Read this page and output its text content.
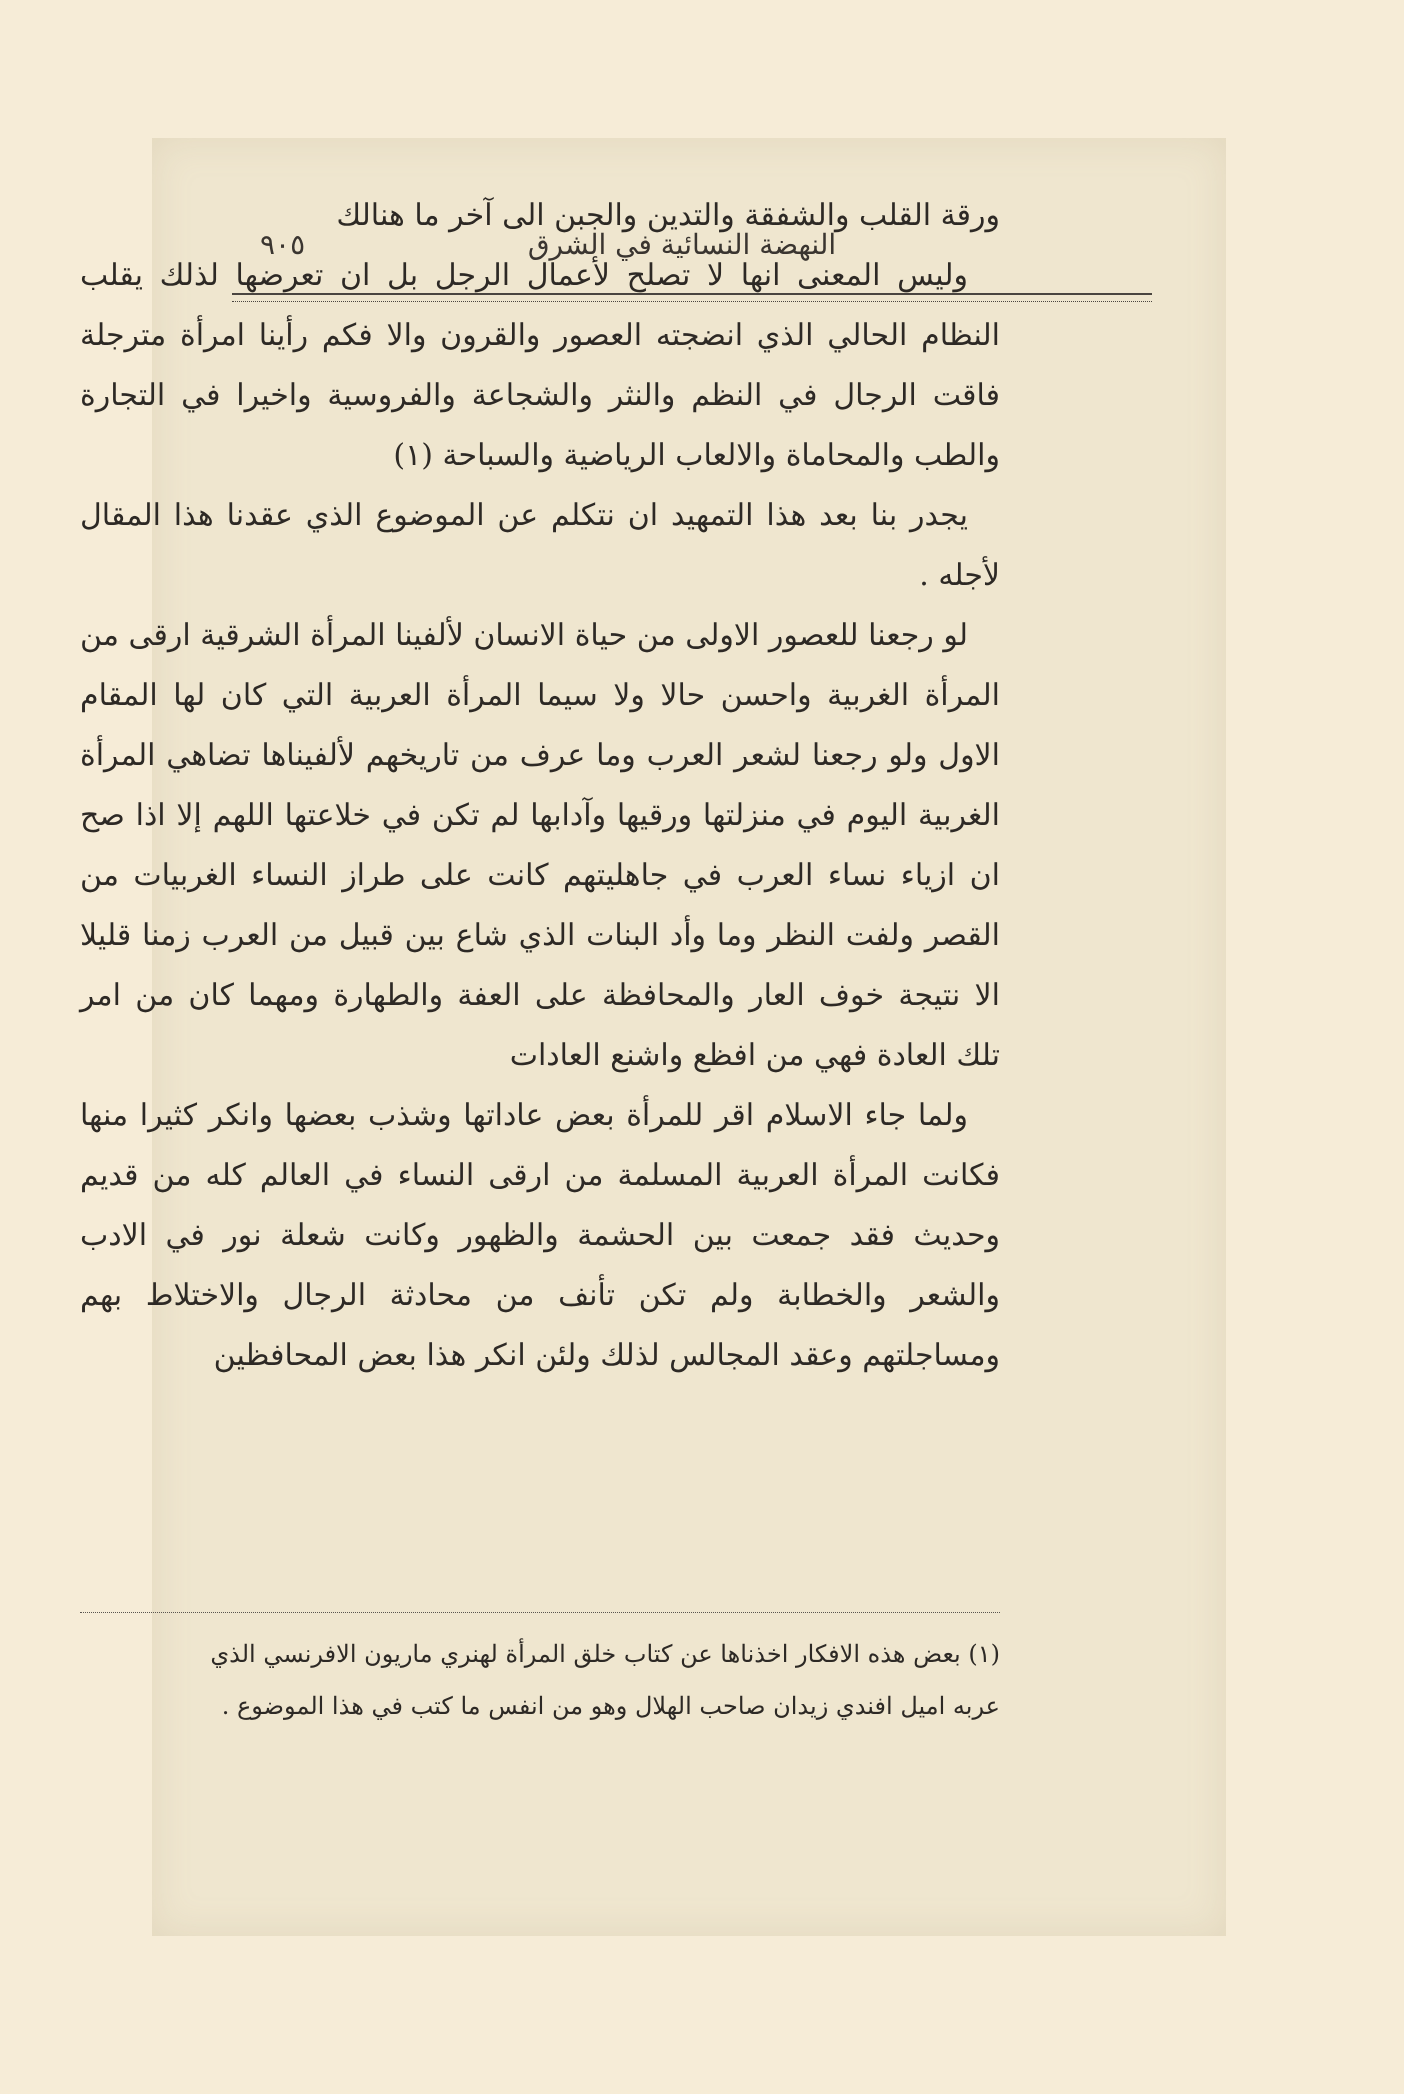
النهضة النسائية في الشرق
٩٠٥

ورقة القلب والشفقة والتدين والجبن الى آخر ما هنالك

وليس المعنى انها لا تصلح لأعمال الرجل بل ان تعرضها لذلك يقلب النظام الحالي الذي انضجته العصور والقرون والا فكم رأينا امرأة مترجلة فاقت الرجال في النظم والنثر والشجاعة والفروسية واخيرا في التجارة والطب والمحاماة والالعاب الرياضية والسباحة (١)

يجدر بنا بعد هذا التمهيد ان نتكلم عن الموضوع الذي عقدنا هذا المقال لأجله .

لو رجعنا للعصور الاولى من حياة الانسان لألفينا المرأة الشرقية ارقى من المرأة الغربية واحسن حالا ولا سيما المرأة العربية التي كان لها المقام الاول ولو رجعنا لشعر العرب وما عرف من تاريخهم لألفيناها تضاهي المرأة الغربية اليوم في منزلتها ورقيها وآدابها لم تكن في خلاعتها اللهم إلا اذا صح ان ازياء نساء العرب في جاهليتهم كانت على طراز النساء الغربيات من القصر ولفت النظر وما وأد البنات الذي شاع بين قبيل من العرب زمنا قليلا الا نتيجة خوف العار والمحافظة على العفة والطهارة ومهما كان من امر تلك العادة فهي من افظع واشنع العادات

ولما جاء الاسلام اقر للمرأة بعض عاداتها وشذب بعضها وانكر كثيرا منها فكانت المرأة العربية المسلمة من ارقى النساء في العالم كله من قديم وحديث فقد جمعت بين الحشمة والظهور وكانت شعلة نور في الادب والشعر والخطابة ولم تكن تأنف من محادثة الرجال والاختلاط بهم ومساجلتهم وعقد المجالس لذلك ولئن انكر هذا بعض المحافظين

(١) بعض هذه الافكار اخذناها عن كتاب خلق المرأة لهنري ماريون الافرنسي الذي

عربه اميل افندي زيدان صاحب الهلال وهو من انفس ما كتب في هذا الموضوع .
